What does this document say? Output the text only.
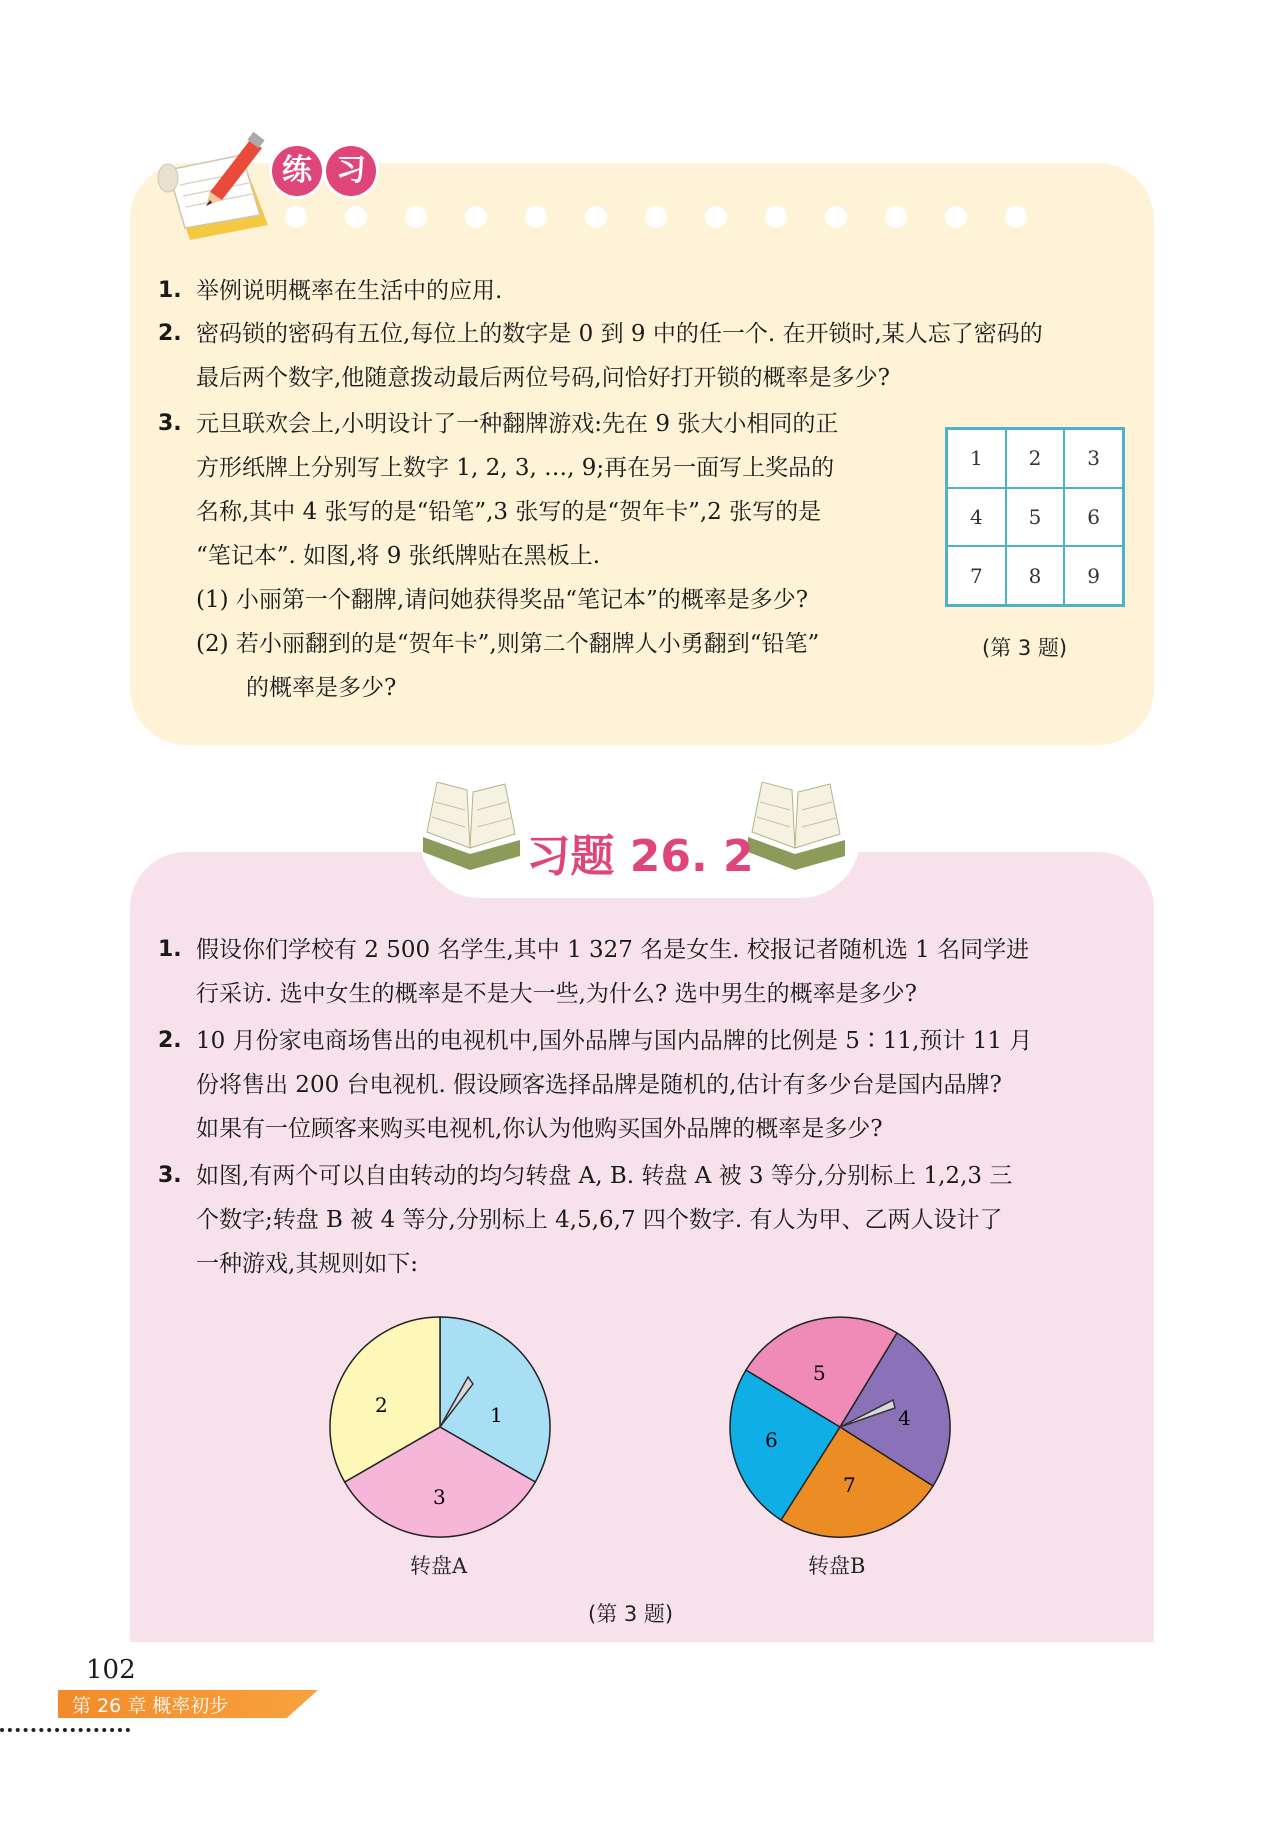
练 习
1. 举例说明概率在生活中的应用.
2. 密码锁的密码有五位,每位上的数字是 0 到 9 中的任一个. 在开锁时,某人忘了密码的
最后两个数字,他随意拨动最后两位号码,问恰好打开锁的概率是多少?
3. 元旦联欢会上,小明设计了一种翻牌游戏:先在 9 张大小相同的正
方形纸牌上分别写上数字 1, 2, 3, …, 9;再在另一面写上奖品的
名称,其中 4 张写的是“铅笔”,3 张写的是“贺年卡”,2 张写的是
“笔记本”. 如图,将 9 张纸牌贴在黑板上.
(1) 小丽第一个翻牌,请问她获得奖品“笔记本”的概率是多少?
(2) 若小丽翻到的是“贺年卡”,则第二个翻牌人小勇翻到“铅笔”
的概率是多少?
1	2	3
4	5	6
7	8	9
(第 3 题)
习题 26. 2
1. 假设你们学校有 2 500 名学生,其中 1 327 名是女生. 校报记者随机选 1 名同学进
行采访. 选中女生的概率是不是大一些,为什么? 选中男生的概率是多少?
2. 10 月份家电商场售出的电视机中,国外品牌与国内品牌的比例是 5∶11,预计 11 月
份将售出 200 台电视机. 假设顾客选择品牌是随机的,估计有多少台是国内品牌?
如果有一位顾客来购买电视机,你认为他购买国外品牌的概率是多少?
3. 如图,有两个可以自由转动的均匀转盘 A, B. 转盘 A 被 3 等分,分别标上 1,2,3 三
个数字;转盘 B 被 4 等分,分别标上 4,5,6,7 四个数字. 有人为甲、乙两人设计了
一种游戏,其规则如下:
1
2
3
转盘A
4
5
6
7
转盘B
(第 3 题)
102
第 26 章 概率初步
